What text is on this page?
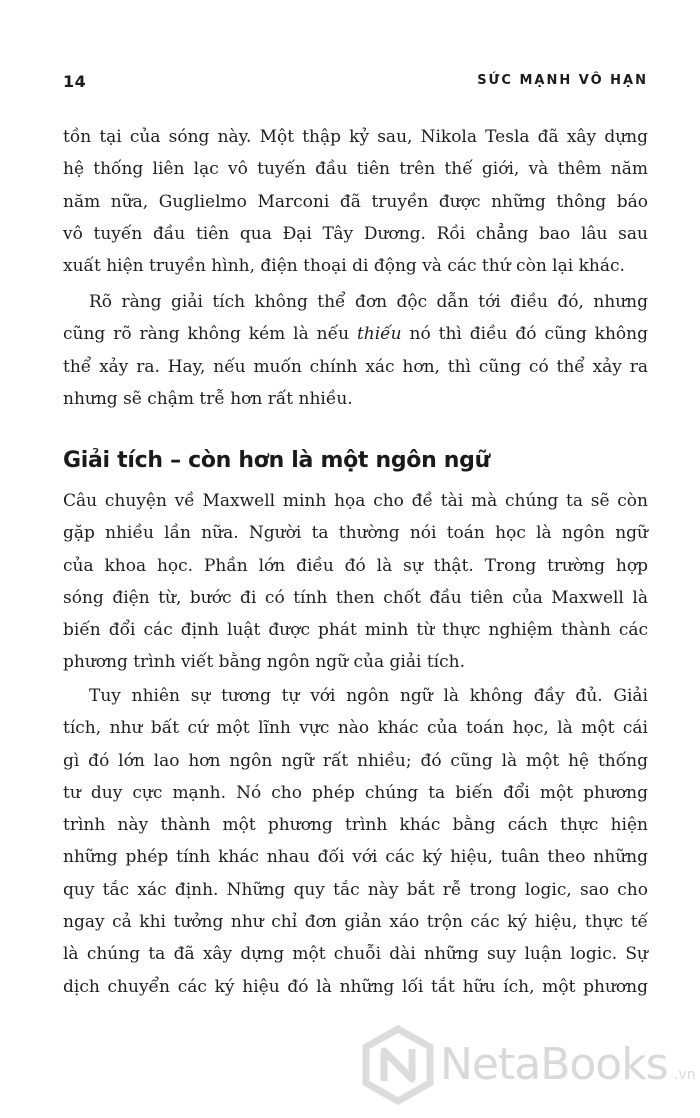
14	SỨC MẠNH VÔ HẠN
tồn tại của sóng này. Một thập kỷ sau, Nikola Tesla đã xây dựng
hệ thống liên lạc vô tuyến đầu tiên trên thế giới, và thêm năm
năm nữa, Guglielmo Marconi đã truyền được những thông báo
vô tuyến đầu tiên qua Đại Tây Dương. Rồi chẳng bao lâu sau
xuất hiện truyền hình, điện thoại di động và các thứ còn lại khác.
Rõ ràng giải tích không thể đơn độc dẫn tới điều đó, nhưng
cũng rõ ràng không kém là nếu thiếu nó thì điều đó cũng không
thể xảy ra. Hay, nếu muốn chính xác hơn, thì cũng có thể xảy ra
nhưng sẽ chậm trễ hơn rất nhiều.
Giải tích – còn hơn là một ngôn ngữ
Câu chuyện về Maxwell minh họa cho đề tài mà chúng ta sẽ còn
gặp nhiều lần nữa. Người ta thường nói toán học là ngôn ngữ
của khoa học. Phần lớn điều đó là sự thật. Trong trường hợp
sóng điện từ, bước đi có tính then chốt đầu tiên của Maxwell là
biến đổi các định luật được phát minh từ thực nghiệm thành các
phương trình viết bằng ngôn ngữ của giải tích.
Tuy nhiên sự tương tự với ngôn ngữ là không đầy đủ. Giải
tích, như bất cứ một lĩnh vực nào khác của toán học, là một cái
gì đó lớn lao hơn ngôn ngữ rất nhiều; đó cũng là một hệ thống
tư duy cực mạnh. Nó cho phép chúng ta biến đổi một phương
trình này thành một phương trình khác bằng cách thực hiện
những phép tính khác nhau đối với các ký hiệu, tuân theo những
quy tắc xác định. Những quy tắc này bắt rễ trong logic, sao cho
ngay cả khi tưởng như chỉ đơn giản xáo trộn các ký hiệu, thực tế
là chúng ta đã xây dựng một chuỗi dài những suy luận logic. Sự
dịch chuyển các ký hiệu đó là những lối tắt hữu ích, một phương
NetaBooks .vn
